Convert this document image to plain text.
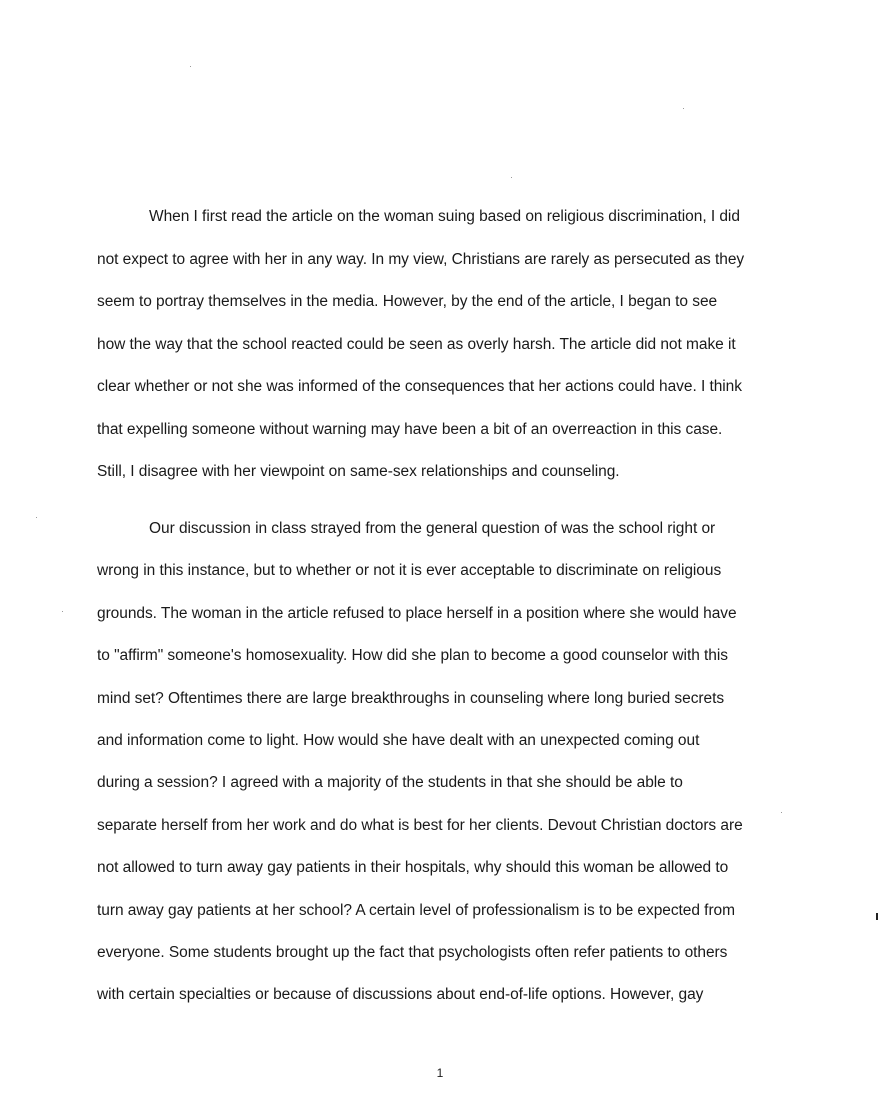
When I first read the article on the woman suing based on religious discrimination, I did
not expect to agree with her in any way. In my view, Christians are rarely as persecuted as they
seem to portray themselves in the media. However, by the end of the article, I began to see
how the way that the school reacted could be seen as overly harsh. The article did not make it
clear whether or not she was informed of the consequences that her actions could have. I think
that expelling someone without warning may have been a bit of an overreaction in this case.
Still, I disagree with her viewpoint on same-sex relationships and counseling.
Our discussion in class strayed from the general question of was the school right or
wrong in this instance, but to whether or not it is ever acceptable to discriminate on religious
grounds. The woman in the article refused to place herself in a position where she would have
to "affirm" someone's homosexuality. How did she plan to become a good counselor with this
mind set? Oftentimes there are large breakthroughs in counseling where long buried secrets
and information come to light. How would she have dealt with an unexpected coming out
during a session? I agreed with a majority of the students in that she should be able to
separate herself from her work and do what is best for her clients. Devout Christian doctors are
not allowed to turn away gay patients in their hospitals, why should this woman be allowed to
turn away gay patients at her school? A certain level of professionalism is to be expected from
everyone. Some students brought up the fact that psychologists often refer patients to others
with certain specialties or because of discussions about end-of-life options. However, gay
1
